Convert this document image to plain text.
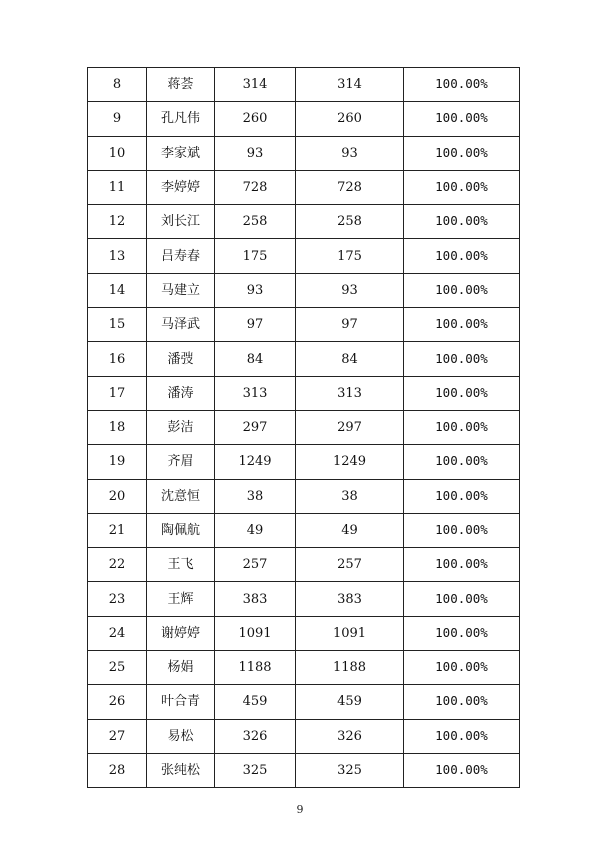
8	蒋荟	314	314	100.00%
9	孔凡伟	260	260	100.00%
10	李家斌	93	93	100.00%
11	李婷婷	728	728	100.00%
12	刘长江	258	258	100.00%
13	吕寿春	175	175	100.00%
14	马建立	93	93	100.00%
15	马泽武	97	97	100.00%
16	潘弢	84	84	100.00%
17	潘涛	313	313	100.00%
18	彭洁	297	297	100.00%
19	齐眉	1249	1249	100.00%
20	沈意恒	38	38	100.00%
21	陶佩航	49	49	100.00%
22	王飞	257	257	100.00%
23	王辉	383	383	100.00%
24	谢婷婷	1091	1091	100.00%
25	杨娟	1188	1188	100.00%
26	叶合青	459	459	100.00%
27	易松	326	326	100.00%
28	张纯松	325	325	100.00%
9
